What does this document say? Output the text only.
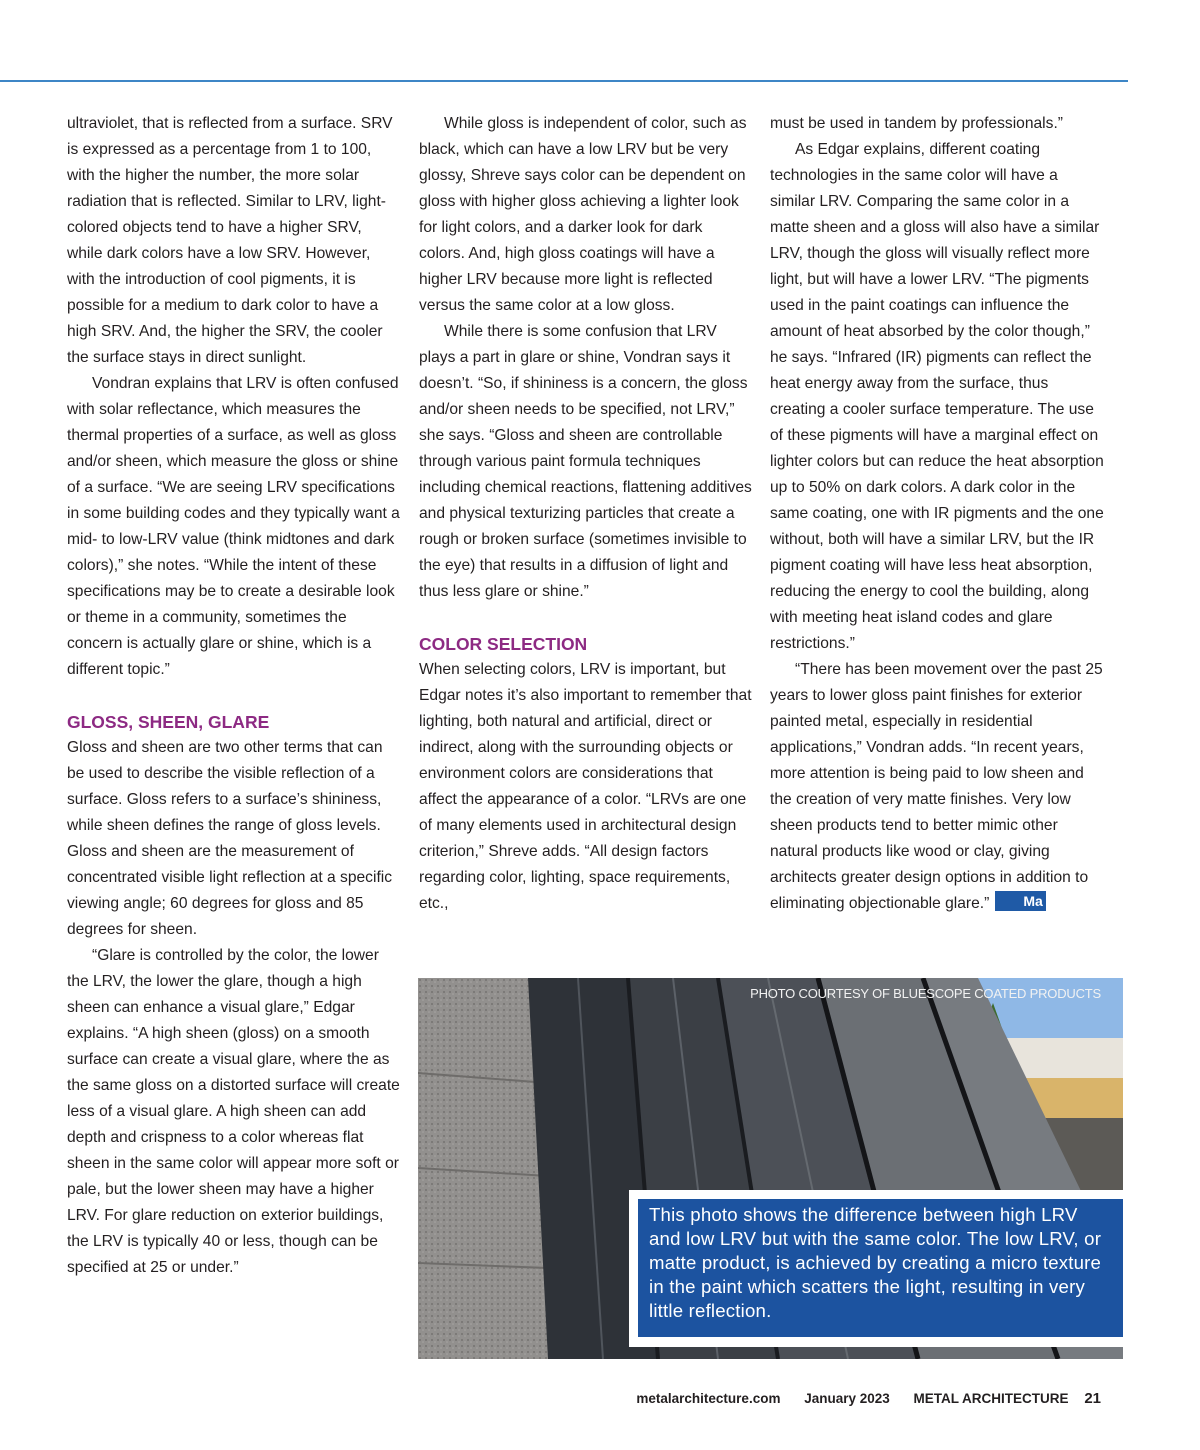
ultraviolet, that is reflected from a surface. SRV is expressed as a percentage from 1 to 100, with the higher the number, the more solar radiation that is reflected. Similar to LRV, light-colored objects tend to have a higher SRV, while dark colors have a low SRV. However, with the introduction of cool pigments, it is possible for a medium to dark color to have a high SRV. And, the higher the SRV, the cooler the surface stays in direct sunlight.

Vondran explains that LRV is often confused with solar reflectance, which measures the thermal properties of a surface, as well as gloss and/or sheen, which measure the gloss or shine of a surface. “We are seeing LRV specifications in some building codes and they typically want a mid- to low-LRV value (think midtones and dark colors),” she notes. “While the intent of these specifications may be to create a desirable look or theme in a community, sometimes the concern is actually glare or shine, which is a different topic.”

GLOSS, SHEEN, GLARE

Gloss and sheen are two other terms that can be used to describe the visible reflection of a surface. Gloss refers to a surface’s shininess, while sheen defines the range of gloss levels. Gloss and sheen are the measurement of concentrated visible light reflection at a specific viewing angle; 60 degrees for gloss and 85 degrees for sheen.

“Glare is controlled by the color, the lower the LRV, the lower the glare, though a high sheen can enhance a visual glare,” Edgar explains. “A high sheen (gloss) on a smooth surface can create a visual glare, where the as the same gloss on a distorted surface will create less of a visual glare. A high sheen can add depth and crispness to a color whereas flat sheen in the same color will appear more soft or pale, but the lower sheen may have a higher LRV. For glare reduction on exterior buildings, the LRV is typically 40 or less, though can be specified at 25 or under.”

While gloss is independent of color, such as black, which can have a low LRV but be very glossy, Shreve says color can be dependent on gloss with higher gloss achieving a lighter look for light colors, and a darker look for dark colors. And, high gloss coatings will have a higher LRV because more light is reflected versus the same color at a low gloss.

While there is some confusion that LRV plays a part in glare or shine, Vondran says it doesn’t. “So, if shininess is a concern, the gloss and/or sheen needs to be specified, not LRV,” she says. “Gloss and sheen are controllable through various paint formula techniques including chemical reactions, flattening additives and physical texturizing particles that create a rough or broken surface (sometimes invisible to the eye) that results in a diffusion of light and thus less glare or shine.”

COLOR SELECTION

When selecting colors, LRV is important, but Edgar notes it’s also important to remember that lighting, both natural and artificial, direct or indirect, along with the surrounding objects or environment colors are considerations that affect the appearance of a color. “LRVs are one of many elements used in architectural design criterion,” Shreve adds. “All design factors regarding color, lighting, space requirements, etc.,

must be used in tandem by professionals.”

As Edgar explains, different coating technologies in the same color will have a similar LRV. Comparing the same color in a matte sheen and a gloss will also have a similar LRV, though the gloss will visually reflect more light, but will have a lower LRV. “The pigments used in the paint coatings can influence the amount of heat absorbed by the color though,” he says. “Infrared (IR) pigments can reflect the heat energy away from the surface, thus creating a cooler surface temperature. The use of these pigments will have a marginal effect on lighter colors but can reduce the heat absorption up to 50% on dark colors. A dark color in the same coating, one with IR pigments and the one without, both will have a similar LRV, but the IR pigment coating will have less heat absorption, reducing the energy to cool the building, along with meeting heat island codes and glare restrictions.”

“There has been movement over the past 25 years to lower gloss paint finishes for exterior painted metal, especially in residential applications,” Vondran adds. “In recent years, more attention is being paid to low sheen and the creation of very matte finishes. Very low sheen products tend to better mimic other natural products like wood or clay, giving architects greater design options in addition to eliminating objectionable glare.” Ma

PHOTO COURTESY OF BLUESCOPE COATED PRODUCTS
This photo shows the difference between high LRV and low LRV but with the same color. The low LRV, or matte product, is achieved by creating a micro texture in the paint which scatters the light, resulting in very little reflection.
metalarchitecture.com January 2023 METAL ARCHITECTURE 21
